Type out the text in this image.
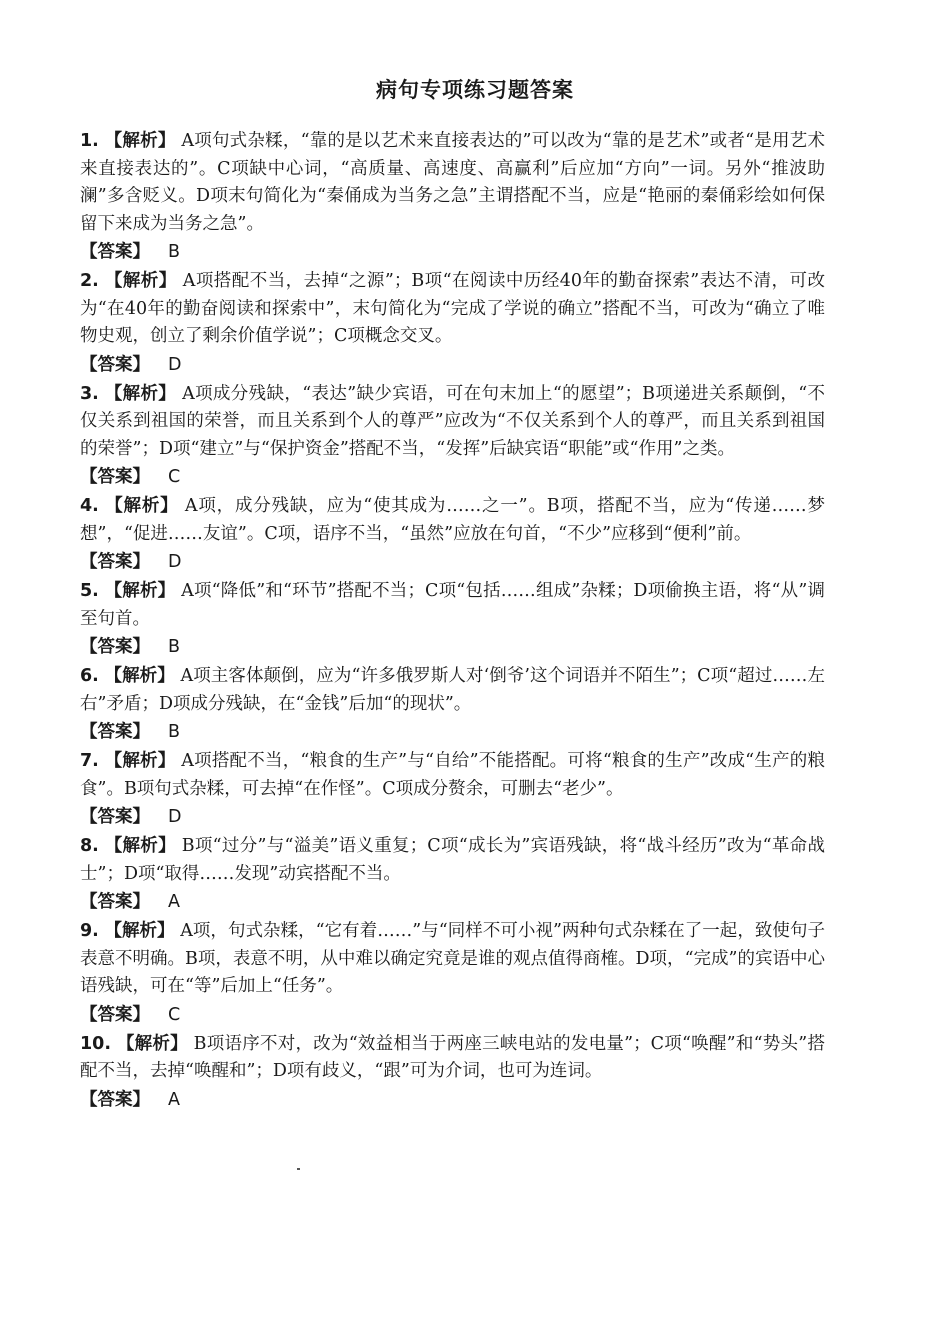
病句专项练习题答案

1. 【解析】 A项句式杂糅，“靠的是以艺术来直接表达的”可以改为“靠的是艺术”或者“是用艺术来直接表达的”。C项缺中心词，“高质量、高速度、高赢利”后应加“方向”一词。另外“推波助澜”多含贬义。D项末句简化为“秦俑成为当务之急”主谓搭配不当，应是“艳丽的秦俑彩绘如何保留下来成为当务之急”。

【答案】 B

2. 【解析】 A项搭配不当，去掉“之源”；B项“在阅读中历经40年的勤奋探索”表达不清，可改为“在40年的勤奋阅读和探索中”，末句简化为“完成了学说的确立”搭配不当，可改为“确立了唯物史观，创立了剩余价值学说”；C项概念交叉。

【答案】 D

3. 【解析】 A项成分残缺，“表达”缺少宾语，可在句末加上“的愿望”；B项递进关系颠倒，“不仅关系到祖国的荣誉，而且关系到个人的尊严”应改为“不仅关系到个人的尊严，而且关系到祖国的荣誉”；D项“建立”与“保护资金”搭配不当，“发挥”后缺宾语“职能”或“作用”之类。

【答案】 C

4. 【解析】 A项，成分残缺，应为“使其成为……之一”。B项，搭配不当，应为“传递……梦想”，“促进……友谊”。C项，语序不当，“虽然”应放在句首，“不少”应移到“便利”前。

【答案】 D

5. 【解析】 A项“降低”和“环节”搭配不当；C项“包括……组成”杂糅；D项偷换主语，将“从”调至句首。

【答案】 B

6. 【解析】 A项主客体颠倒，应为“许多俄罗斯人对‘倒爷’这个词语并不陌生”；C项“超过……左右”矛盾；D项成分残缺，在“金钱”后加“的现状”。

【答案】 B

7. 【解析】 A项搭配不当，“粮食的生产”与“自给”不能搭配。可将“粮食的生产”改成“生产的粮食”。B项句式杂糅，可去掉“在作怪”。C项成分赘余，可删去“老少”。

【答案】 D

8. 【解析】 B项“过分”与“溢美”语义重复；C项“成长为”宾语残缺，将“战斗经历”改为“革命战士”；D项“取得……发现”动宾搭配不当。

【答案】 A

9. 【解析】 A项，句式杂糅，“它有着……”与“同样不可小视”两种句式杂糅在了一起，致使句子表意不明确。B项，表意不明，从中难以确定究竟是谁的观点值得商榷。D项，“完成”的宾语中心语残缺，可在“等”后加上“任务”。

【答案】 C

10. 【解析】 B项语序不对，改为“效益相当于两座三峡电站的发电量”；C项“唤醒”和“势头”搭配不当，去掉“唤醒和”；D项有歧义，“跟”可为介词，也可为连词。

【答案】 A
